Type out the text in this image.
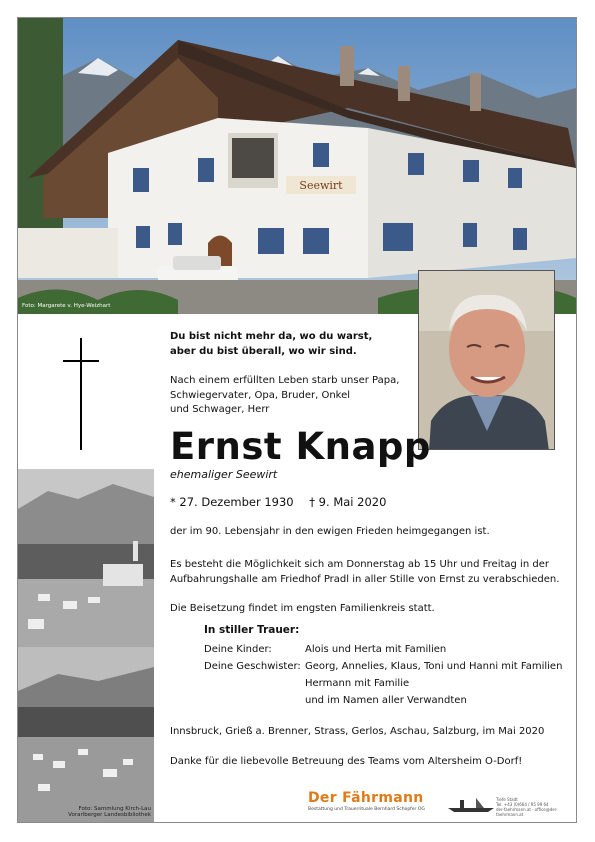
Seewirt
Foto: Margarete v. Hye-Weizhart
Foto: Sammlung Kirch-Lau
Vorarlberger Landesbibliothek
Du bist nicht mehr da, wo du warst,
aber du bist überall, wo wir sind.
Nach einem erfüllten Leben starb unser Papa,
Schwiegervater, Opa, Bruder, Onkel
und Schwager, Herr
Ernst Knapp
ehemaliger Seewirt
* 27. Dezember 1930 † 9. Mai 2020
der im 90. Lebensjahr in den ewigen Frieden heimgegangen ist.
Es besteht die Möglichkeit sich am Donnerstag ab 15 Uhr und Freitag in der
Aufbahrungshalle am Friedhof Pradl in aller Stille von Ernst zu verabschieden.
Die Beisetzung findet im engsten Familienkreis statt.
In stiller Trauer:
Deine Kinder:	Alois und Herta mit Familien
Deine Geschwister: Georg, Annelies, Klaus, Toni und Hanni mit Familien
Hermann mit Familie
und im Namen aller Verwandten
Innsbruck, Grieß a. Brenner, Strass, Gerlos, Aschau, Salzburg, im Mai 2020
Danke für die liebevolle Betreuung des Teams vom Altersheim O-Dorf!
Der Fährmann
Bestattung und Trauerrituale Bernhard Schopfer OG
Tiefe Stadt
Tel. +43 (0)664 / 95 99 64
der-faehrmann.at · office@der-faehrmann.at
